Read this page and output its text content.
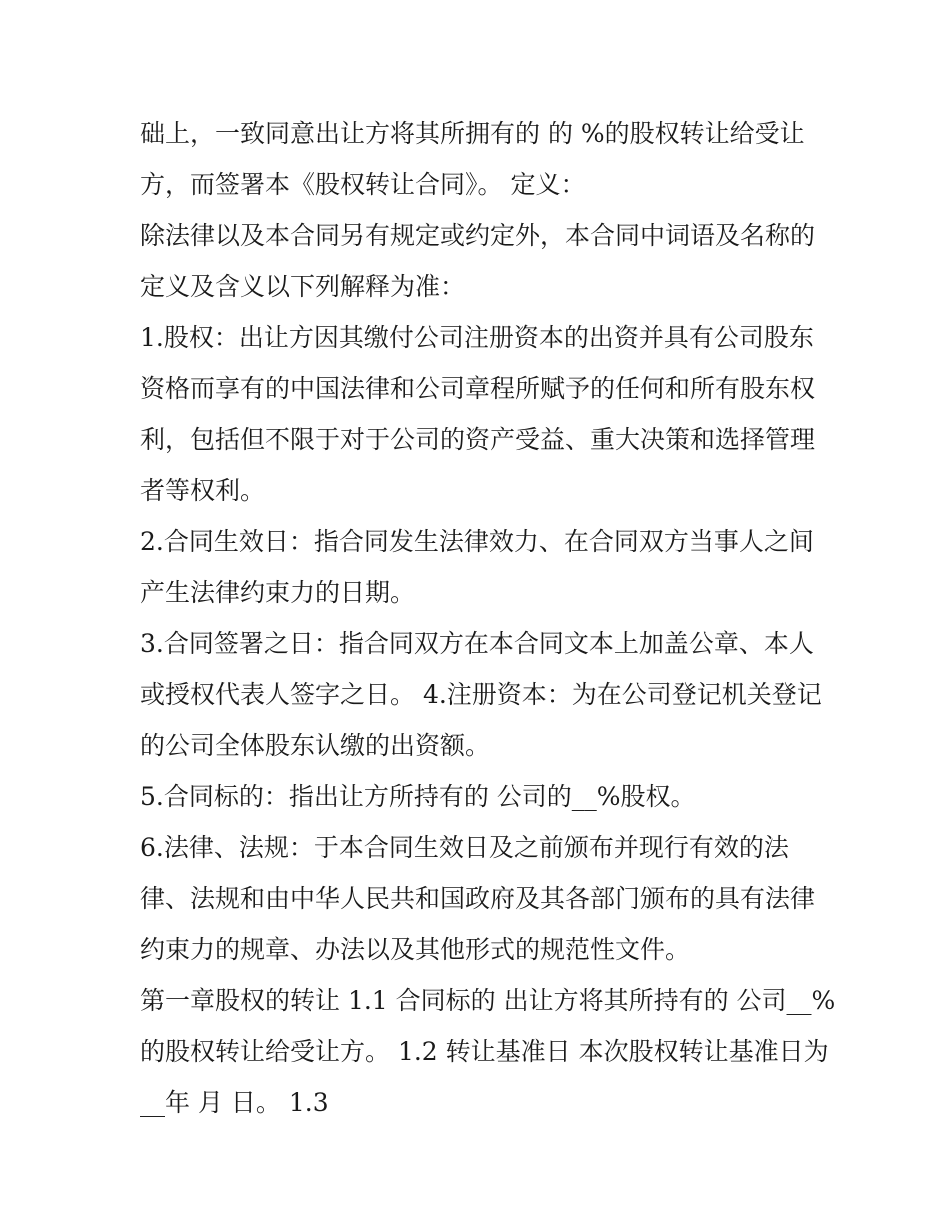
础上，一致同意出让方将其所拥有的 的 %的股权转让给受让
方，而签署本《股权转让合同》。 定义：
除法律以及本合同另有规定或约定外，本合同中词语及名称的
定义及含义以下列解释为准：
1.股权：出让方因其缴付公司注册资本的出资并具有公司股东
资格而享有的中国法律和公司章程所赋予的任何和所有股东权
利，包括但不限于对于公司的资产受益、重大决策和选择管理
者等权利。
2.合同生效日：指合同发生法律效力、在合同双方当事人之间
产生法律约束力的日期。
3.合同签署之日：指合同双方在本合同文本上加盖公章、本人
或授权代表人签字之日。 4.注册资本：为在公司登记机关登记
的公司全体股东认缴的出资额。
5.合同标的：指出让方所持有的 公司的__%股权。
6.法律、法规：于本合同生效日及之前颁布并现行有效的法
律、法规和由中华人民共和国政府及其各部门颁布的具有法律
约束力的规章、办法以及其他形式的规范性文件。
第一章股权的转让 1.1 合同标的 出让方将其所持有的 公司__%
的股权转让给受让方。 1.2 转让基准日 本次股权转让基准日为
__年 月 日。 1.3
